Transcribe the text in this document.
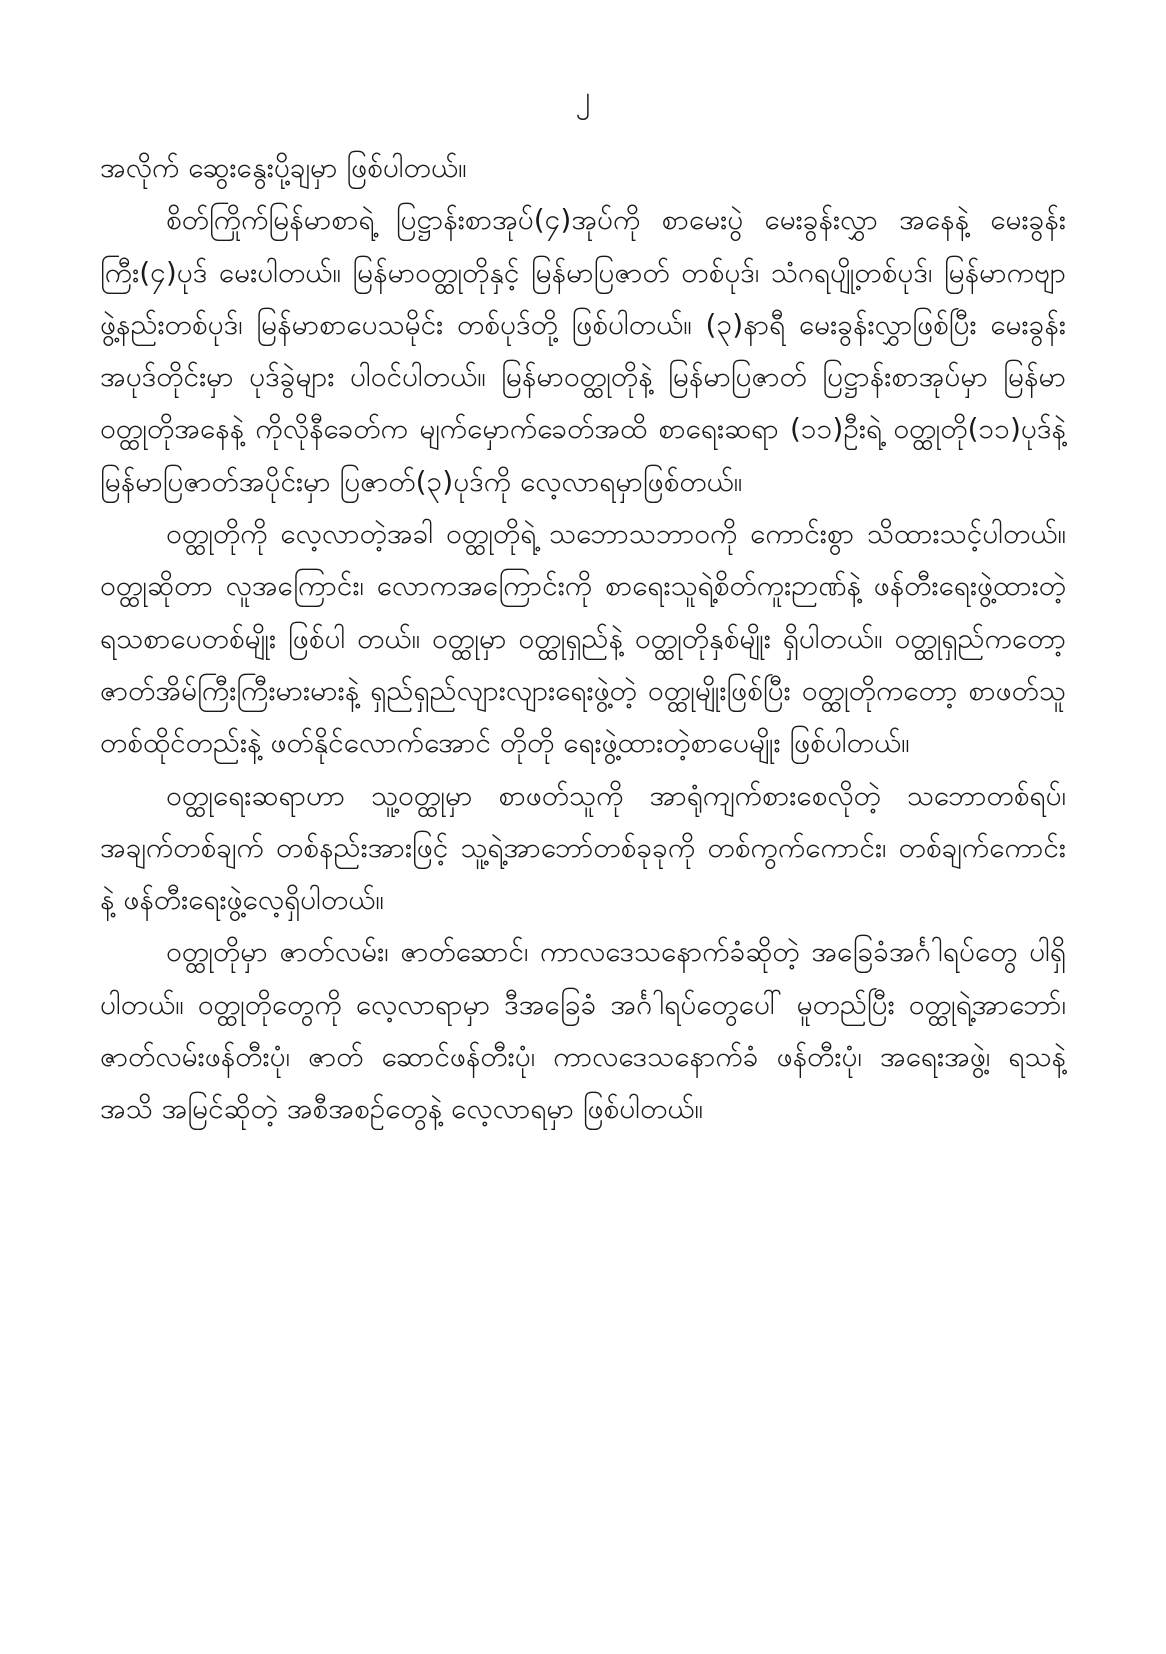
၂

အလိုက် ဆွေးနွေးပို့ချမှာ ဖြစ်ပါတယ်။

စိတ်ကြိုက်မြန်မာစာရဲ့ ပြဋ္ဌာန်းစာအုပ်(၄)အုပ်ကို စာမေးပွဲ မေးခွန်းလွှာ အနေနဲ့ မေးခွန်းကြီး(၄)ပုဒ် မေးပါတယ်။ မြန်မာဝတ္ထုတိုနှင့် မြန်မာပြဇာတ် တစ်ပုဒ်၊ သံဂရပျို့တစ်ပုဒ်၊ မြန်မာကဗျာဖွဲ့နည်းတစ်ပုဒ်၊ မြန်မာစာပေသမိုင်း တစ်ပုဒ်တို့ ဖြစ်ပါတယ်။ (၃)နာရီ မေးခွန်းလွှာဖြစ်ပြီး မေးခွန်းအပုဒ်တိုင်းမှာ ပုဒ်ခွဲများ ပါဝင်ပါတယ်။ မြန်မာဝတ္ထုတိုနဲ့ မြန်မာပြဇာတ် ပြဋ္ဌာန်းစာအုပ်မှာ မြန်မာဝတ္ထုတိုအနေနဲ့ ကိုလိုနီခေတ်က မျက်မှောက်ခေတ်အထိ စာရေးဆရာ (၁၁)ဦးရဲ့ ဝတ္ထုတို(၁၁)ပုဒ်နဲ့ မြန်မာပြဇာတ်အပိုင်းမှာ ပြဇာတ်(၃)ပုဒ်ကို လေ့လာရမှာဖြစ်တယ်။

ဝတ္ထုတိုကို လေ့လာတဲ့အခါ ဝတ္ထုတိုရဲ့ သဘောသဘာဝကို ကောင်းစွာ သိထားသင့်ပါတယ်။ ဝတ္ထုဆိုတာ လူအကြောင်း၊ လောကအကြောင်းကို စာရေးသူရဲ့စိတ်ကူးဉာဏ်နဲ့ ဖန်တီးရေးဖွဲ့ထားတဲ့ ရသစာပေတစ်မျိုး ဖြစ်ပါ တယ်။ ဝတ္ထုမှာ ဝတ္ထုရှည်နဲ့ ဝတ္ထုတိုနှစ်မျိုး ရှိပါတယ်။ ဝတ္ထုရှည်ကတော့ ဇာတ်အိမ်ကြီးကြီးမားမားနဲ့ ရှည်ရှည်လျားလျားရေးဖွဲ့တဲ့ ဝတ္ထုမျိုးဖြစ်ပြီး ဝတ္ထုတိုကတော့ စာဖတ်သူ တစ်ထိုင်တည်းနဲ့ ဖတ်နိုင်လောက်အောင် တိုတို ရေးဖွဲ့ထားတဲ့စာပေမျိုး ဖြစ်ပါတယ်။

ဝတ္ထုရေးဆရာဟာ သူ့ဝတ္ထုမှာ စာဖတ်သူကို အာရုံကျက်စားစေလိုတဲ့ သဘောတစ်ရပ်၊ အချက်တစ်ချက် တစ်နည်းအားဖြင့် သူ့ရဲ့အာဘော်တစ်ခုခုကို တစ်ကွက်ကောင်း၊ တစ်ချက်ကောင်းနဲ့ ဖန်တီးရေးဖွဲ့လေ့ရှိပါတယ်။

ဝတ္ထုတိုမှာ ဇာတ်လမ်း၊ ဇာတ်ဆောင်၊ ကာလဒေသနောက်ခံဆိုတဲ့ အခြေခံအင်္ဂါရပ်တွေ ပါရှိပါတယ်။ ဝတ္ထုတိုတွေကို လေ့လာရာမှာ ဒီအခြေခံ အင်္ဂါရပ်တွေပေါ် မူတည်ပြီး ဝတ္ထုရဲ့အာဘော်၊ ဇာတ်လမ်းဖန်တီးပုံ၊ ဇာတ် ဆောင်ဖန်တီးပုံ၊ ကာလဒေသနောက်ခံ ဖန်တီးပုံ၊ အရေးအဖွဲ့၊ ရသနဲ့ အသိ အမြင်ဆိုတဲ့ အစီအစဉ်တွေနဲ့ လေ့လာရမှာ ဖြစ်ပါတယ်။
